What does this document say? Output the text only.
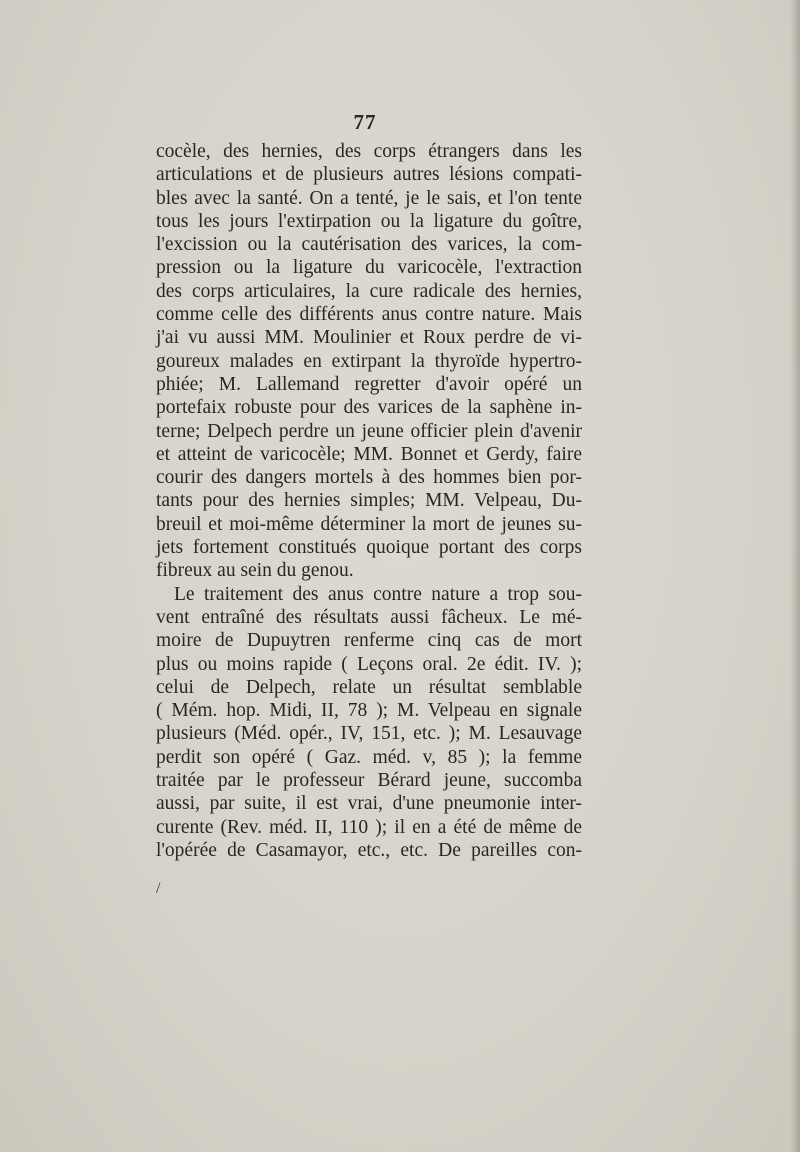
77
cocèle, des hernies, des corps étrangers dans les
articulations et de plusieurs autres lésions compati-
bles avec la santé. On a tenté, je le sais, et l'on tente
tous les jours l'extirpation ou la ligature du goître,
l'excission ou la cautérisation des varices, la com-
pression ou la ligature du varicocèle, l'extraction
des corps articulaires, la cure radicale des hernies,
comme celle des différents anus contre nature. Mais
j'ai vu aussi MM. Moulinier et Roux perdre de vi-
goureux malades en extirpant la thyroïde hypertro-
phiée; M. Lallemand regretter d'avoir opéré un
portefaix robuste pour des varices de la saphène in-
terne; Delpech perdre un jeune officier plein d'avenir
et atteint de varicocèle; MM. Bonnet et Gerdy, faire
courir des dangers mortels à des hommes bien por-
tants pour des hernies simples; MM. Velpeau, Du-
breuil et moi-même déterminer la mort de jeunes su-
jets fortement constitués quoique portant des corps
fibreux au sein du genou.
Le traitement des anus contre nature a trop sou-
vent entraîné des résultats aussi fâcheux. Le mé-
moire de Dupuytren renferme cinq cas de mort
plus ou moins rapide ( Leçons oral. 2e édit. IV. );
celui de Delpech, relate un résultat semblable
( Mém. hop. Midi, II, 78 ); M. Velpeau en signale
plusieurs (Méd. opér., IV, 151, etc. ); M. Lesauvage
perdit son opéré ( Gaz. méd. v, 85 ); la femme
traitée par le professeur Bérard jeune, succomba
aussi, par suite, il est vrai, d'une pneumonie inter-
curente (Rev. méd. II, 110 ); il en a été de même de
l'opérée de Casamayor, etc., etc. De pareilles con-
/
